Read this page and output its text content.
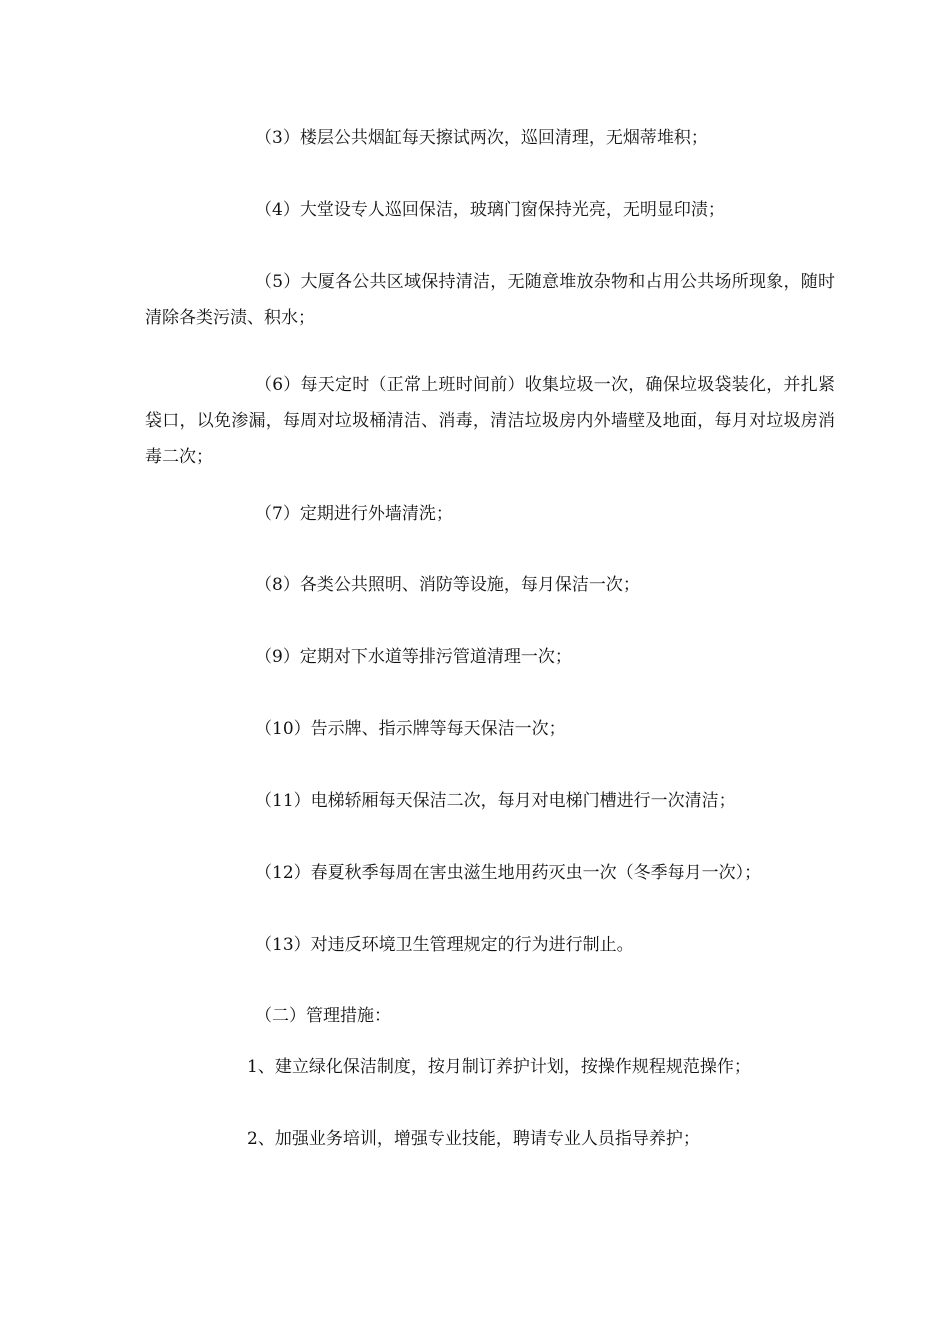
（3）楼层公共烟缸每天擦试两次，巡回清理，无烟蒂堆积；

（4）大堂设专人巡回保洁，玻璃门窗保持光亮，无明显印渍；

（5）大厦各公共区域保持清洁，无随意堆放杂物和占用公共场所现象，随时清除各类污渍、积水；

（6）每天定时（正常上班时间前）收集垃圾一次，确保垃圾袋装化，并扎紧袋口，以免渗漏，每周对垃圾桶清洁、消毒，清洁垃圾房内外墙壁及地面，每月对垃圾房消毒二次；

（7）定期进行外墙清洗；

（8）各类公共照明、消防等设施，每月保洁一次；

（9）定期对下水道等排污管道清理一次；

（10）告示牌、指示牌等每天保洁一次；

（11）电梯轿厢每天保洁二次，每月对电梯门槽进行一次清洁；

（12）春夏秋季每周在害虫滋生地用药灭虫一次（冬季每月一次）；

（13）对违反环境卫生管理规定的行为进行制止。

（二）管理措施：

1、建立绿化保洁制度，按月制订养护计划，按操作规程规范操作；

2、加强业务培训，增强专业技能，聘请专业人员指导养护；
